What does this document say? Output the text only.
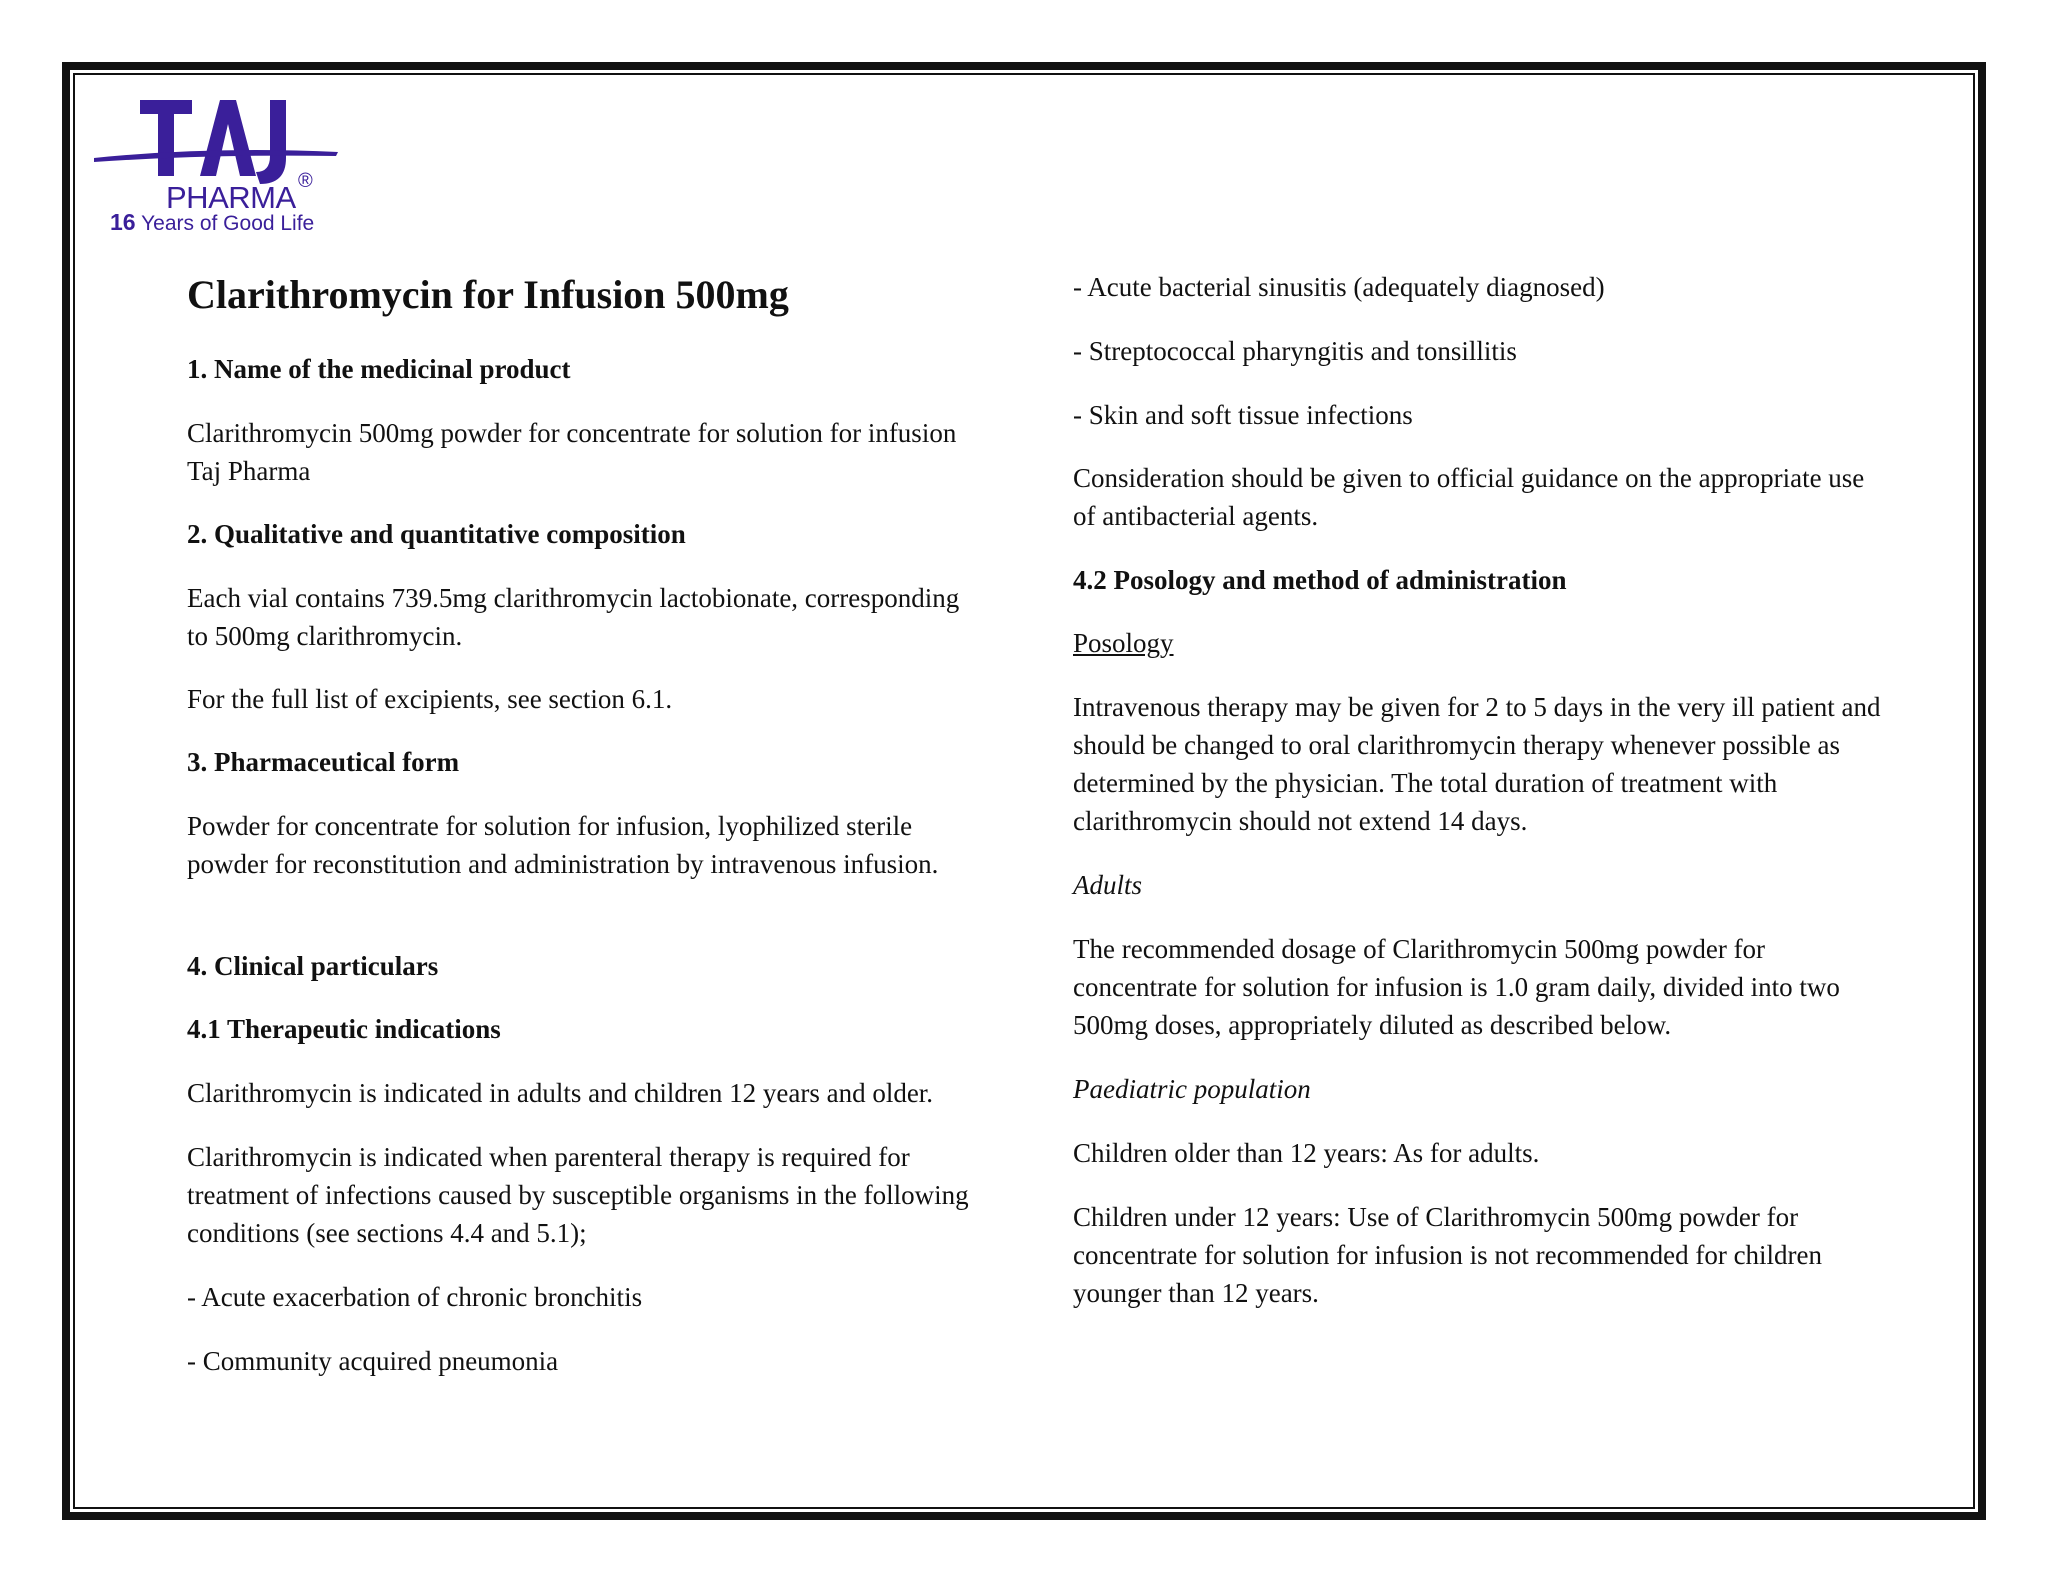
®
PHARMA
16 Years of Good Life
Clarithromycin for Infusion 500mg

1. Name of the medicinal product

Clarithromycin 500mg powder for concentrate for solution for infusion Taj Pharma

2. Qualitative and quantitative composition

Each vial contains 739.5mg clarithromycin lactobionate, corresponding to 500mg clarithromycin.

For the full list of excipients, see section 6.1.

3. Pharmaceutical form

Powder for concentrate for solution for infusion, lyophilized sterile powder for reconstitution and administration by intravenous infusion.

4. Clinical particulars

4.1 Therapeutic indications

Clarithromycin is indicated in adults and children 12 years and older.

Clarithromycin is indicated when parenteral therapy is required for treatment of infections caused by susceptible organisms in the following conditions (see sections 4.4 and 5.1);

- Acute exacerbation of chronic bronchitis

- Community acquired pneumonia

- Acute bacterial sinusitis (adequately diagnosed)

- Streptococcal pharyngitis and tonsillitis

- Skin and soft tissue infections

Consideration should be given to official guidance on the appropriate use of antibacterial agents.

4.2 Posology and method of administration

Posology

Intravenous therapy may be given for 2 to 5 days in the very ill patient and should be changed to oral clarithromycin therapy whenever possible as determined by the physician. The total duration of treatment with clarithromycin should not extend 14 days.

Adults

The recommended dosage of Clarithromycin 500mg powder for concentrate for solution for infusion is 1.0 gram daily, divided into two 500mg doses, appropriately diluted as described below.

Paediatric population

Children older than 12 years: As for adults.

Children under 12 years: Use of Clarithromycin 500mg powder for concentrate for solution for infusion is not recommended for children younger than 12 years.
